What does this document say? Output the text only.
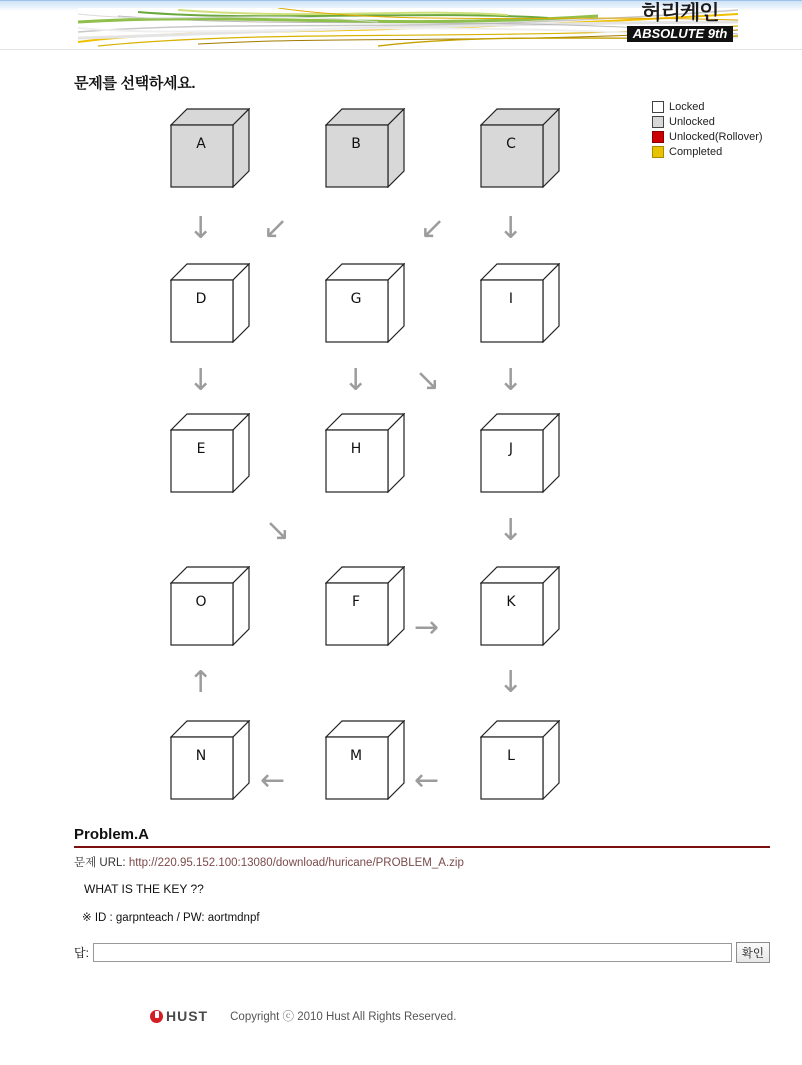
허리케인
ABSOLUTE 9th
문제를 선택하세요.
Locked
Unlocked
Unlocked(Rollover)
Completed
A	B	C
D	G	I
E	H	J
O	F	K
N	M	L
↓ ↙	↙ ↓
↓	↓ ↘ ↓
↘	↓
→
↑	↓
←	←
Problem.A
문제 URL: http://220.95.152.100:13080/download/huricane/PROBLEM_A.zip
WHAT IS THE KEY ??
※ ID : garpnteach / PW: aortmdnpf
답:	확인
HUST Copyright ⓒ 2010 Hust All Rights Reserved.
